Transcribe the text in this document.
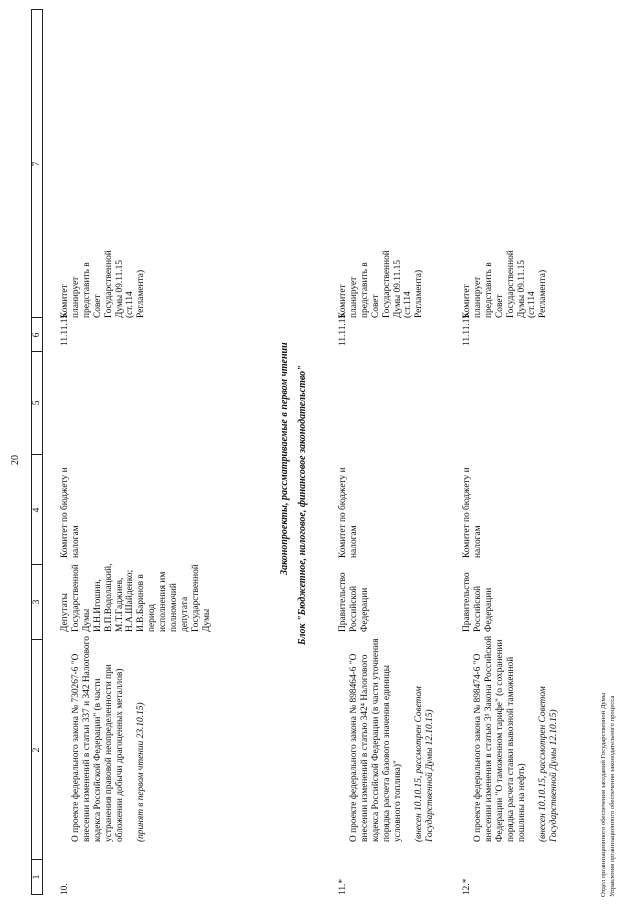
1
2
3
4
5
6
7
20
10.

О проекте федерального закона № 730267-6 "О внесении изменений в статьи 337 и 342 Налогового кодекса Российской Федерации" (в части устранения правовой неопределенности при обложении добычи драгоценных металлов) (принят в первом чтении 23.10.15)

Депутаты Государственной Думы И.Н.Игошин, В.П.Водолацкий, М.Т.Гаджиев, Н.А.Шайденко; И.В.Баринов в период исполнения им полномочий депутата Государственной Думы
Комитет по бюджету и налогам
11.11.15
Комитет планирует представить в Совет Государственной Думы 09.11.15 (ст.114 Регламента)
Законопроекты, рассматриваемые в первом чтении Блок "Бюджетное, налоговое, финансовое законодательство"
11.*

О проекте федерального закона № 898464-6 "О внесении изменений в статью 342⁴ Налогового кодекса Российской Федерации (в части уточнения порядка расчета базового значения единицы условного топлива)" (внесен 10.10.15, рассмотрен Советом Государственной Думы 12.10.15)

Правительство Российской Федерации
Комитет по бюджету и налогам
11.11.15
Комитет планирует представить в Совет Государственной Думы 09.11.15 (ст.114 Регламента)
12.*

О проекте федерального закона № 898474-6 "О внесении изменения в статью 3¹ Закона Российской Федерации "О таможенном тарифе" (о сохранении порядка расчета ставки вывозной таможенной пошлины на нефть) (внесен 10.10.15, рассмотрен Советом Государственной Думы 12.10.15)

Правительство Российской Федерации
Комитет по бюджету и налогам
11.11.15
Комитет планирует представить в Совет Государственной Думы 09.11.15 (ст.114 Регламента)
Отдел организационного обеспечения заседаний Государственной Думы Управления организационного обеспечения законодательного процесса
